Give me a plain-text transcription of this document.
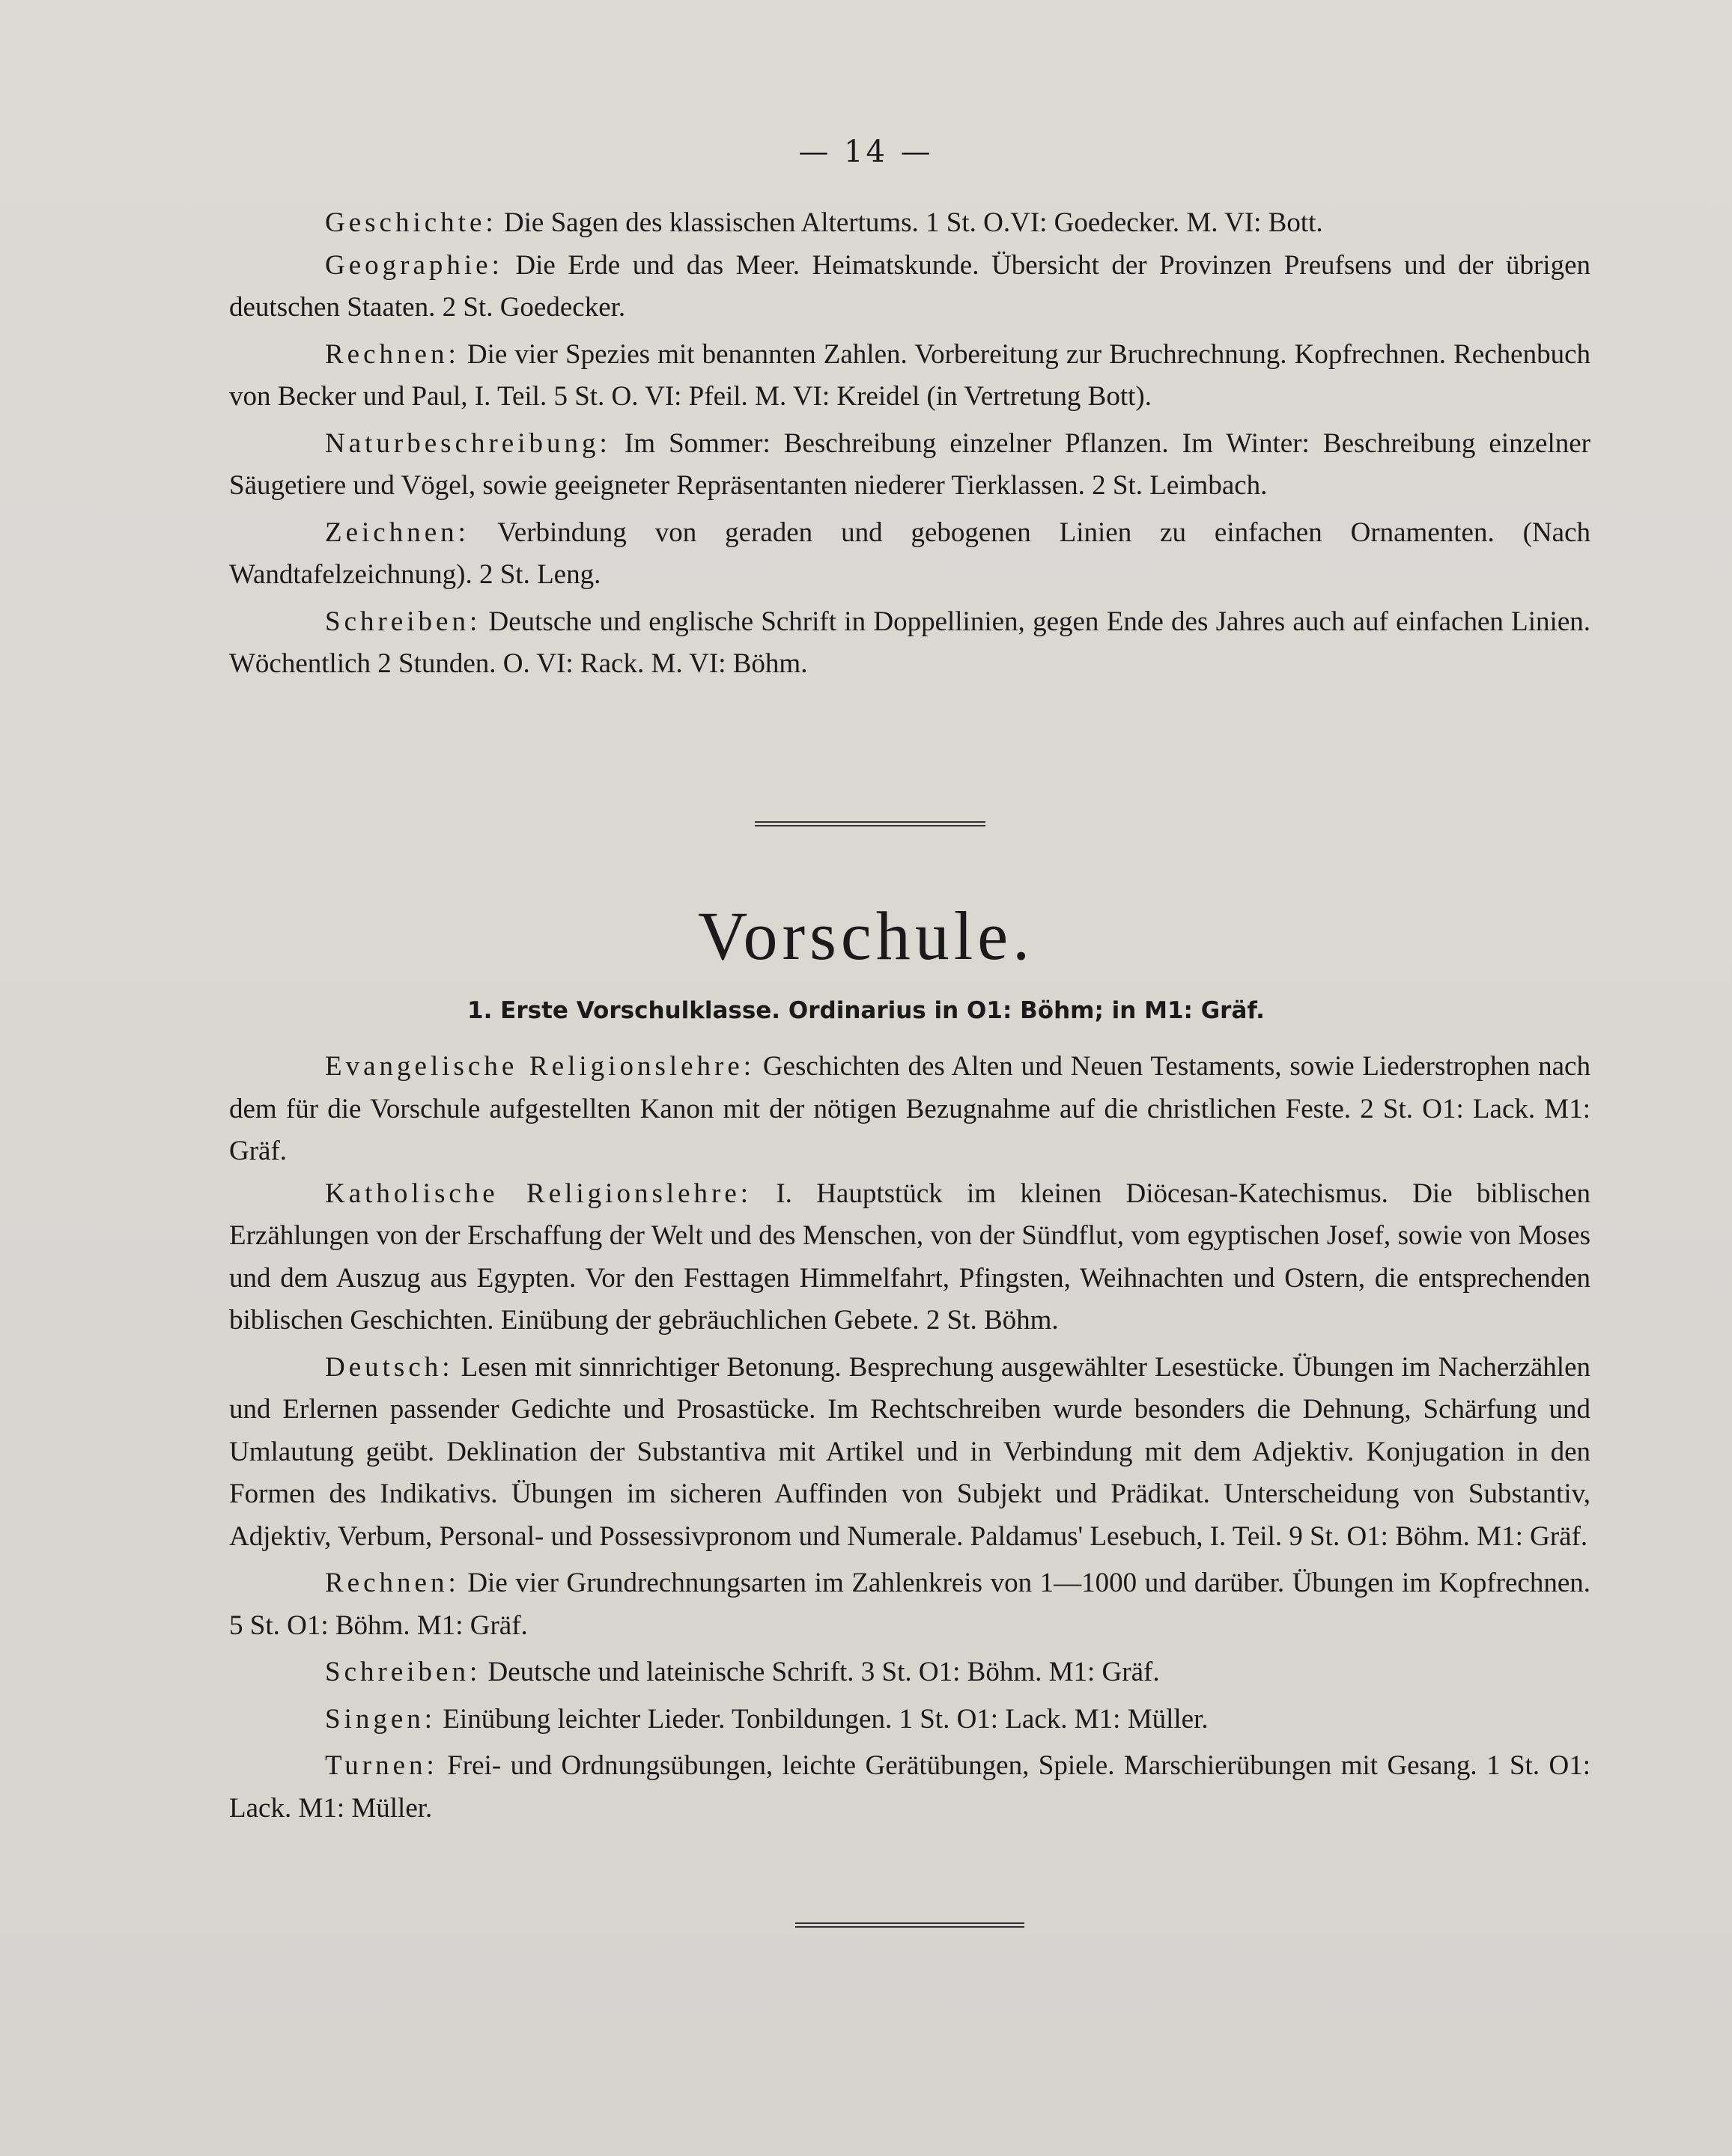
— 14 —

Geschichte: Die Sagen des klassischen Altertums. 1 St. O.VI: Goedecker. M. VI: Bott.

Geographie: Die Erde und das Meer. Heimatskunde. Übersicht der Provinzen Preufsens und der übrigen deutschen Staaten. 2 St. Goedecker.

Rechnen: Die vier Spezies mit benannten Zahlen. Vorbereitung zur Bruchrechnung. Kopfrechnen. Rechenbuch von Becker und Paul, I. Teil. 5 St. O. VI: Pfeil. M. VI: Kreidel (in Vertretung Bott).

Naturbeschreibung: Im Sommer: Beschreibung einzelner Pflanzen. Im Winter: Beschreibung einzelner Säugetiere und Vögel, sowie geeigneter Repräsentanten niederer Tierklassen. 2 St. Leimbach.

Zeichnen: Verbindung von geraden und gebogenen Linien zu einfachen Ornamenten. (Nach Wandtafelzeichnung). 2 St. Leng.

Schreiben: Deutsche und englische Schrift in Doppellinien, gegen Ende des Jahres auch auf einfachen Linien. Wöchentlich 2 Stunden. O. VI: Rack. M. VI: Böhm.

Vorschule.
1. Erste Vorschulklasse. Ordinarius in O1: Böhm; in M1: Gräf.

Evangelische Religionslehre: Geschichten des Alten und Neuen Testaments, sowie Liederstrophen nach dem für die Vorschule aufgestellten Kanon mit der nötigen Bezugnahme auf die christlichen Feste. 2 St. O1: Lack. M1: Gräf.

Katholische Religionslehre: I. Hauptstück im kleinen Diöcesan-Katechismus. Die biblischen Erzählungen von der Erschaffung der Welt und des Menschen, von der Sündflut, vom egyptischen Josef, sowie von Moses und dem Auszug aus Egypten. Vor den Festtagen Himmelfahrt, Pfingsten, Weihnachten und Ostern, die entsprechenden biblischen Geschichten. Einübung der gebräuchlichen Gebete. 2 St. Böhm.

Deutsch: Lesen mit sinnrichtiger Betonung. Besprechung ausgewählter Lesestücke. Übungen im Nacherzählen und Erlernen passender Gedichte und Prosastücke. Im Rechtschreiben wurde besonders die Dehnung, Schärfung und Umlautung geübt. Deklination der Substantiva mit Artikel und in Verbindung mit dem Adjektiv. Konjugation in den Formen des Indikativs. Übungen im sicheren Auffinden von Subjekt und Prädikat. Unterscheidung von Substantiv, Adjektiv, Verbum, Personal- und Possessivpronom und Numerale. Paldamus' Lesebuch, I. Teil. 9 St. O1: Böhm. M1: Gräf.

Rechnen: Die vier Grundrechnungsarten im Zahlenkreis von 1—1000 und darüber. Übungen im Kopfrechnen. 5 St. O1: Böhm. M1: Gräf.

Schreiben: Deutsche und lateinische Schrift. 3 St. O1: Böhm. M1: Gräf.

Singen: Einübung leichter Lieder. Tonbildungen. 1 St. O1: Lack. M1: Müller.

Turnen: Frei- und Ordnungsübungen, leichte Gerätübungen, Spiele. Marschierübungen mit Gesang. 1 St. O1: Lack. M1: Müller.
